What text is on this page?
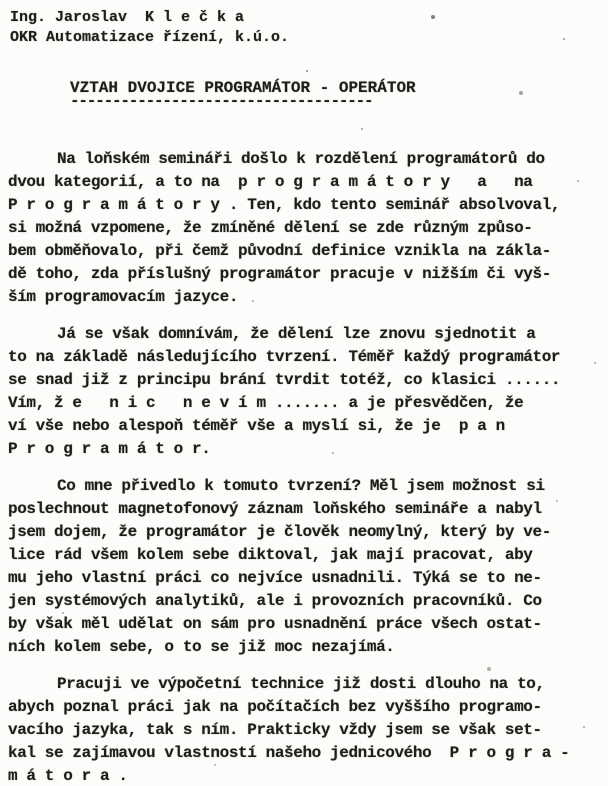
Ing. Jaroslav  K l e č k a
OKR Automatizace řízení, k.ú.o.
VZTAH DVOJICE PROGRAMÁTOR - OPERÁTOR
------------------------------------
Na loňském semináři došlo k rozdělení programátorů do
dvou kategorií, a to na  p r o g r a m á t o r y   a   na
P r o g r a m á t o r y . Ten, kdo tento seminář absolvoval,
si možná vzpomene, že zmíněné dělení se zde různým způso-
bem obměňovalo, při čemž původní definice vznikla na zákla-
dě toho, zda příslušný programátor pracuje v nižším či vyš-
ším programovacím jazyce.
Já se však domnívám, že dělení lze znovu sjednotit a
to na základě následujícího tvrzení. Téměř každý programátor
se snad již z principu brání tvrdit totéž, co klasici ......
Vím, ž e   n i c   n e v í m ....... a je přesvědčen, že
ví vše nebo alespoň téměř vše a myslí si, že je  p a n
P r o g r a m á t o r.
Co mne přivedlo k tomuto tvrzení? Měl jsem možnost si
poslechnout magnetofonový záznam loňského semináře a nabyl
jsem dojem, že programátor je člověk neomylný, který by ve-
lice rád všem kolem sebe diktoval, jak mají pracovat, aby
mu jeho vlastní práci co nejvíce usnadnili. Týká se to ne-
jen systémových analytiků, ale i provozních pracovníků. Co
by však měl udělat on sám pro usnadnění práce všech ostat-
ních kolem sebe, o to se již moc nezajímá.
Pracuji ve výpočetní technice již dosti dlouho na to,
abych poznal práci jak na počítačích bez vyššího programo-
vacího jazyka, tak s ním. Prakticky vždy jsem se však set-
kal se zajímavou vlastností našeho jednicového  P r o g r a -
m á t o r a .
